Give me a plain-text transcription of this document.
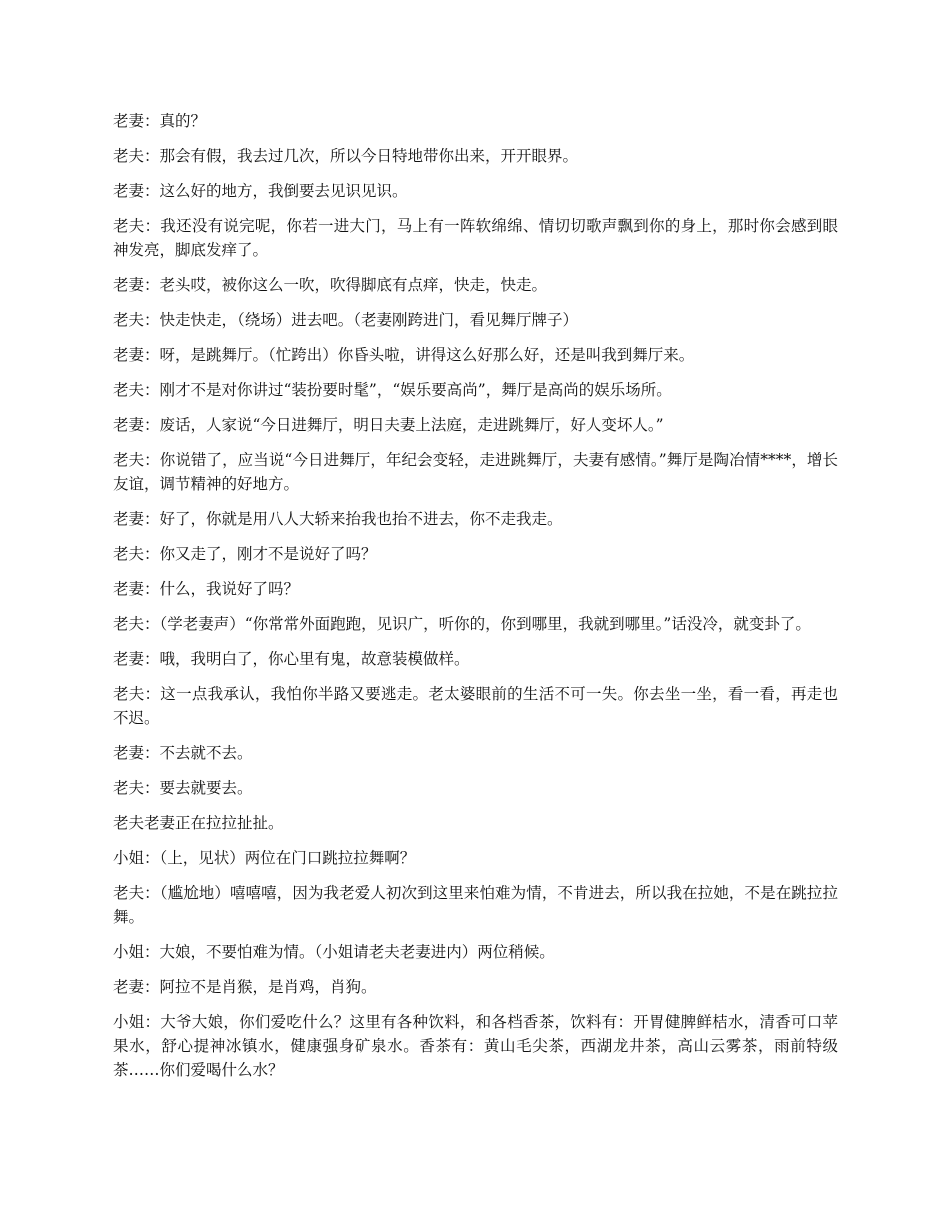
老妻：真的？

老夫：那会有假，我去过几次，所以今日特地带你出来，开开眼界。

老妻：这么好的地方，我倒要去见识见识。

老夫：我还没有说完呢，你若一进大门，马上有一阵软绵绵、情切切歌声飘到你的身上，那时你会感到眼神发亮，脚底发痒了。

老妻：老头哎，被你这么一吹，吹得脚底有点痒，快走，快走。

老夫：快走快走，（绕场）进去吧。（老妻刚跨进门，看见舞厅牌子）

老妻：呀，是跳舞厅。（忙跨出）你昏头啦，讲得这么好那么好，还是叫我到舞厅来。

老夫：刚才不是对你讲过“装扮要时髦”，“娱乐要高尚”，舞厅是高尚的娱乐场所。

老妻：废话，人家说“今日进舞厅，明日夫妻上法庭，走进跳舞厅，好人变坏人。”

老夫：你说错了，应当说“今日进舞厅，年纪会变轻，走进跳舞厅，夫妻有感情。”舞厅是陶冶情****，增长友谊，调节精神的好地方。

老妻：好了，你就是用八人大轿来抬我也抬不进去，你不走我走。

老夫：你又走了，刚才不是说好了吗？

老妻：什么，我说好了吗？

老夫：（学老妻声）“你常常外面跑跑，见识广，听你的，你到哪里，我就到哪里。”话没冷，就变卦了。

老妻：哦，我明白了，你心里有鬼，故意装模做样。

老夫：这一点我承认，我怕你半路又要逃走。老太婆眼前的生活不可一失。你去坐一坐，看一看，再走也不迟。

老妻：不去就不去。

老夫：要去就要去。

老夫老妻正在拉拉扯扯。

小姐：（上，见状）两位在门口跳拉拉舞啊？

老夫：（尴尬地）嘻嘻嘻，因为我老爱人初次到这里来怕难为情，不肯进去，所以我在拉她，不是在跳拉拉舞。

小姐：大娘，不要怕难为情。（小姐请老夫老妻进内）两位稍候。

老妻：阿拉不是肖猴，是肖鸡，肖狗。

小姐：大爷大娘，你们爱吃什么？这里有各种饮料，和各档香茶，饮料有：开胃健脾鲜桔水，清香可口苹果水，舒心提神冰镇水，健康强身矿泉水。香茶有：黄山毛尖茶，西湖龙井茶，高山云雾茶，雨前特级茶……你们爱喝什么水？
